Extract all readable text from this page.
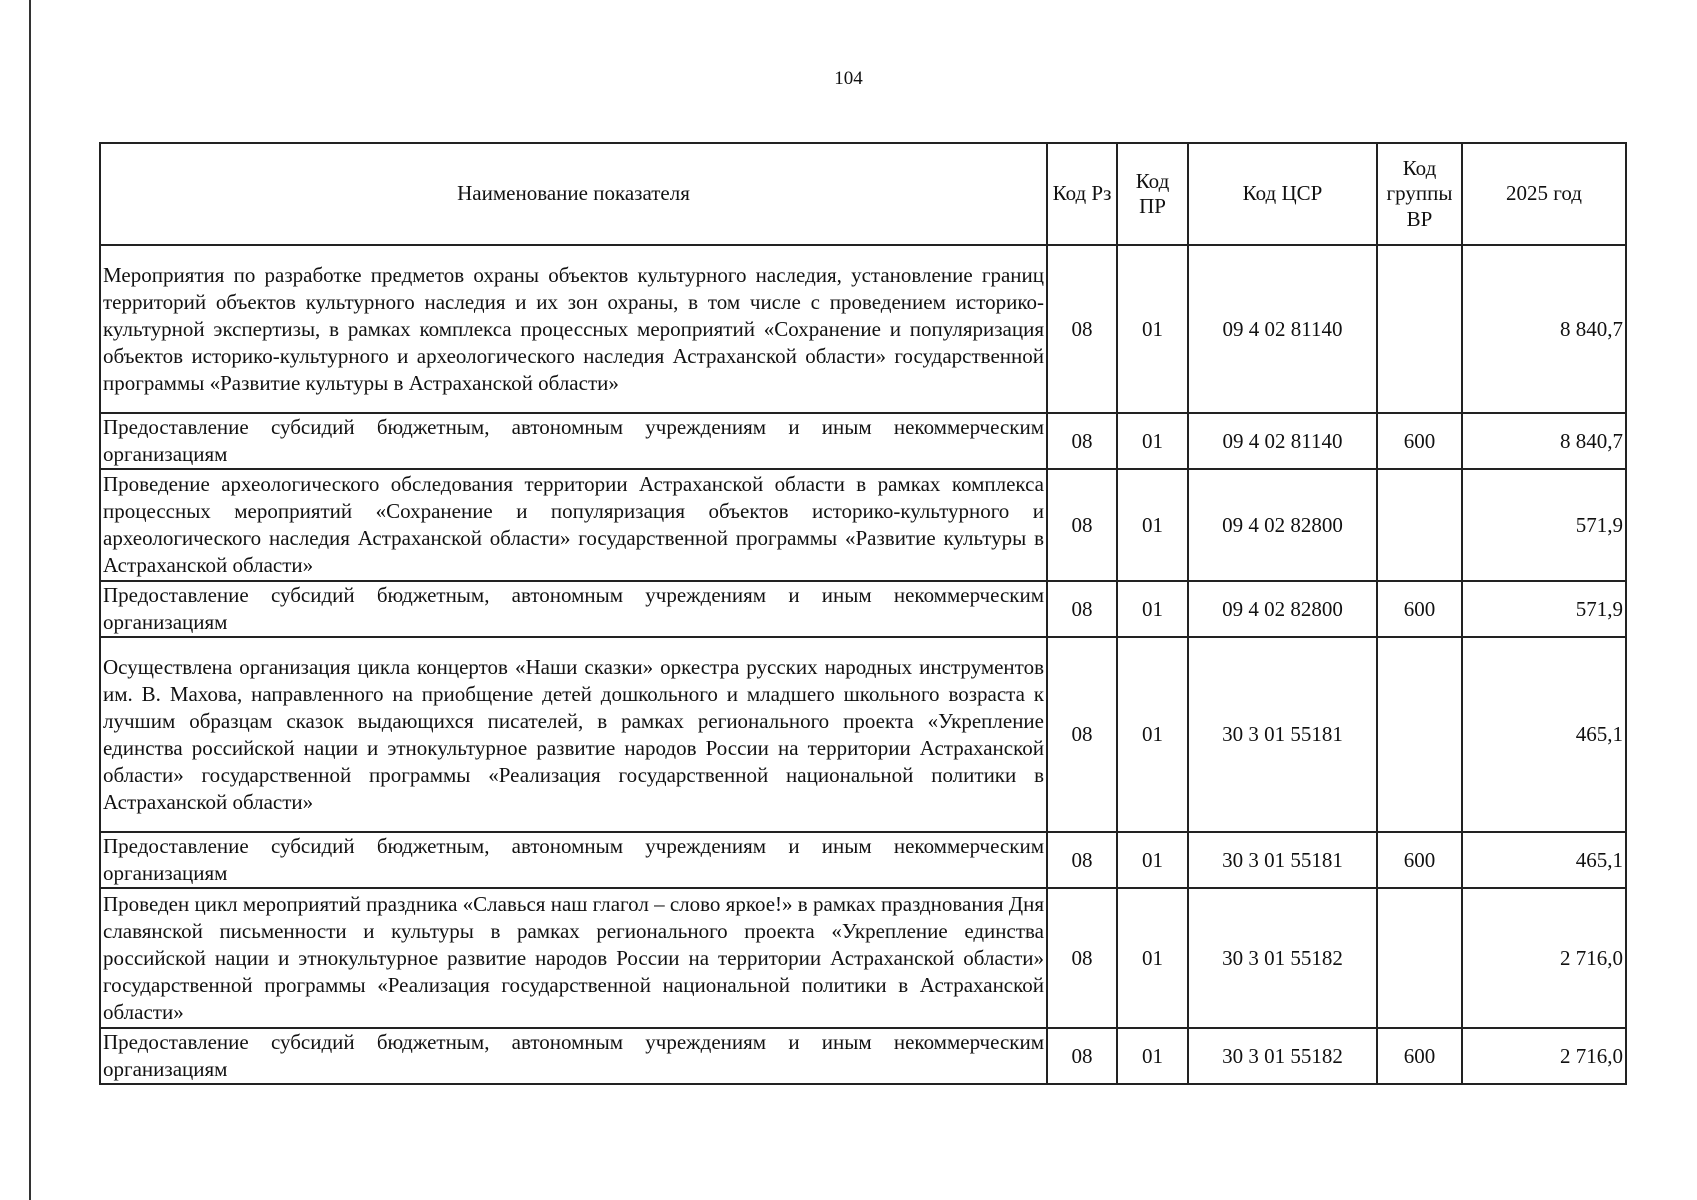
104
Наименование показателя	Код Рз	Код ПР	Код ЦСР	Код группы ВР	2025 год
Мероприятия по разработке предметов охраны объектов культурного наследия, установление границ территорий объектов культурного наследия и их зон охраны, в том числе с проведением историко-культурной экспертизы, в рамках комплекса процессных мероприятий «Сохранение и популяризация объектов историко-культурного и археологического наследия Астраханской области» государственной программы «Развитие культуры в Астраханской области»	08	01	09 4 02 81140		8 840,7
Предоставление субсидий бюджетным, автономным учреждениям и иным некоммерческим организациям	08	01	09 4 02 81140	600	8 840,7
Проведение археологического обследования территории Астраханской области в рамках комплекса процессных мероприятий «Сохранение и популяризация объектов историко-культурного и археологического наследия Астраханской области» государственной программы «Развитие культуры в Астраханской области»	08	01	09 4 02 82800		571,9
Предоставление субсидий бюджетным, автономным учреждениям и иным некоммерческим организациям	08	01	09 4 02 82800	600	571,9
Осуществлена организация цикла концертов «Наши сказки» оркестра русских народных инструментов им. В. Махова, направленного на приобщение детей дошкольного и младшего школьного возраста к лучшим образцам сказок выдающихся писателей, в рамках регионального проекта «Укрепление единства российской нации и этнокультурное развитие народов России на территории Астраханской области» государственной программы «Реализация государственной национальной политики в Астраханской области»	08	01	30 3 01 55181		465,1
Предоставление субсидий бюджетным, автономным учреждениям и иным некоммерческим организациям	08	01	30 3 01 55181	600	465,1
Проведен цикл мероприятий праздника «Славься наш глагол – слово яркое!» в рамках празднования Дня славянской письменности и культуры в рамках регионального проекта «Укрепление единства российской нации и этнокультурное развитие народов России на территории Астраханской области» государственной программы «Реализация государственной национальной политики в Астраханской области»	08	01	30 3 01 55182		2 716,0
Предоставление субсидий бюджетным, автономным учреждениям и иным некоммерческим организациям	08	01	30 3 01 55182	600	2 716,0
